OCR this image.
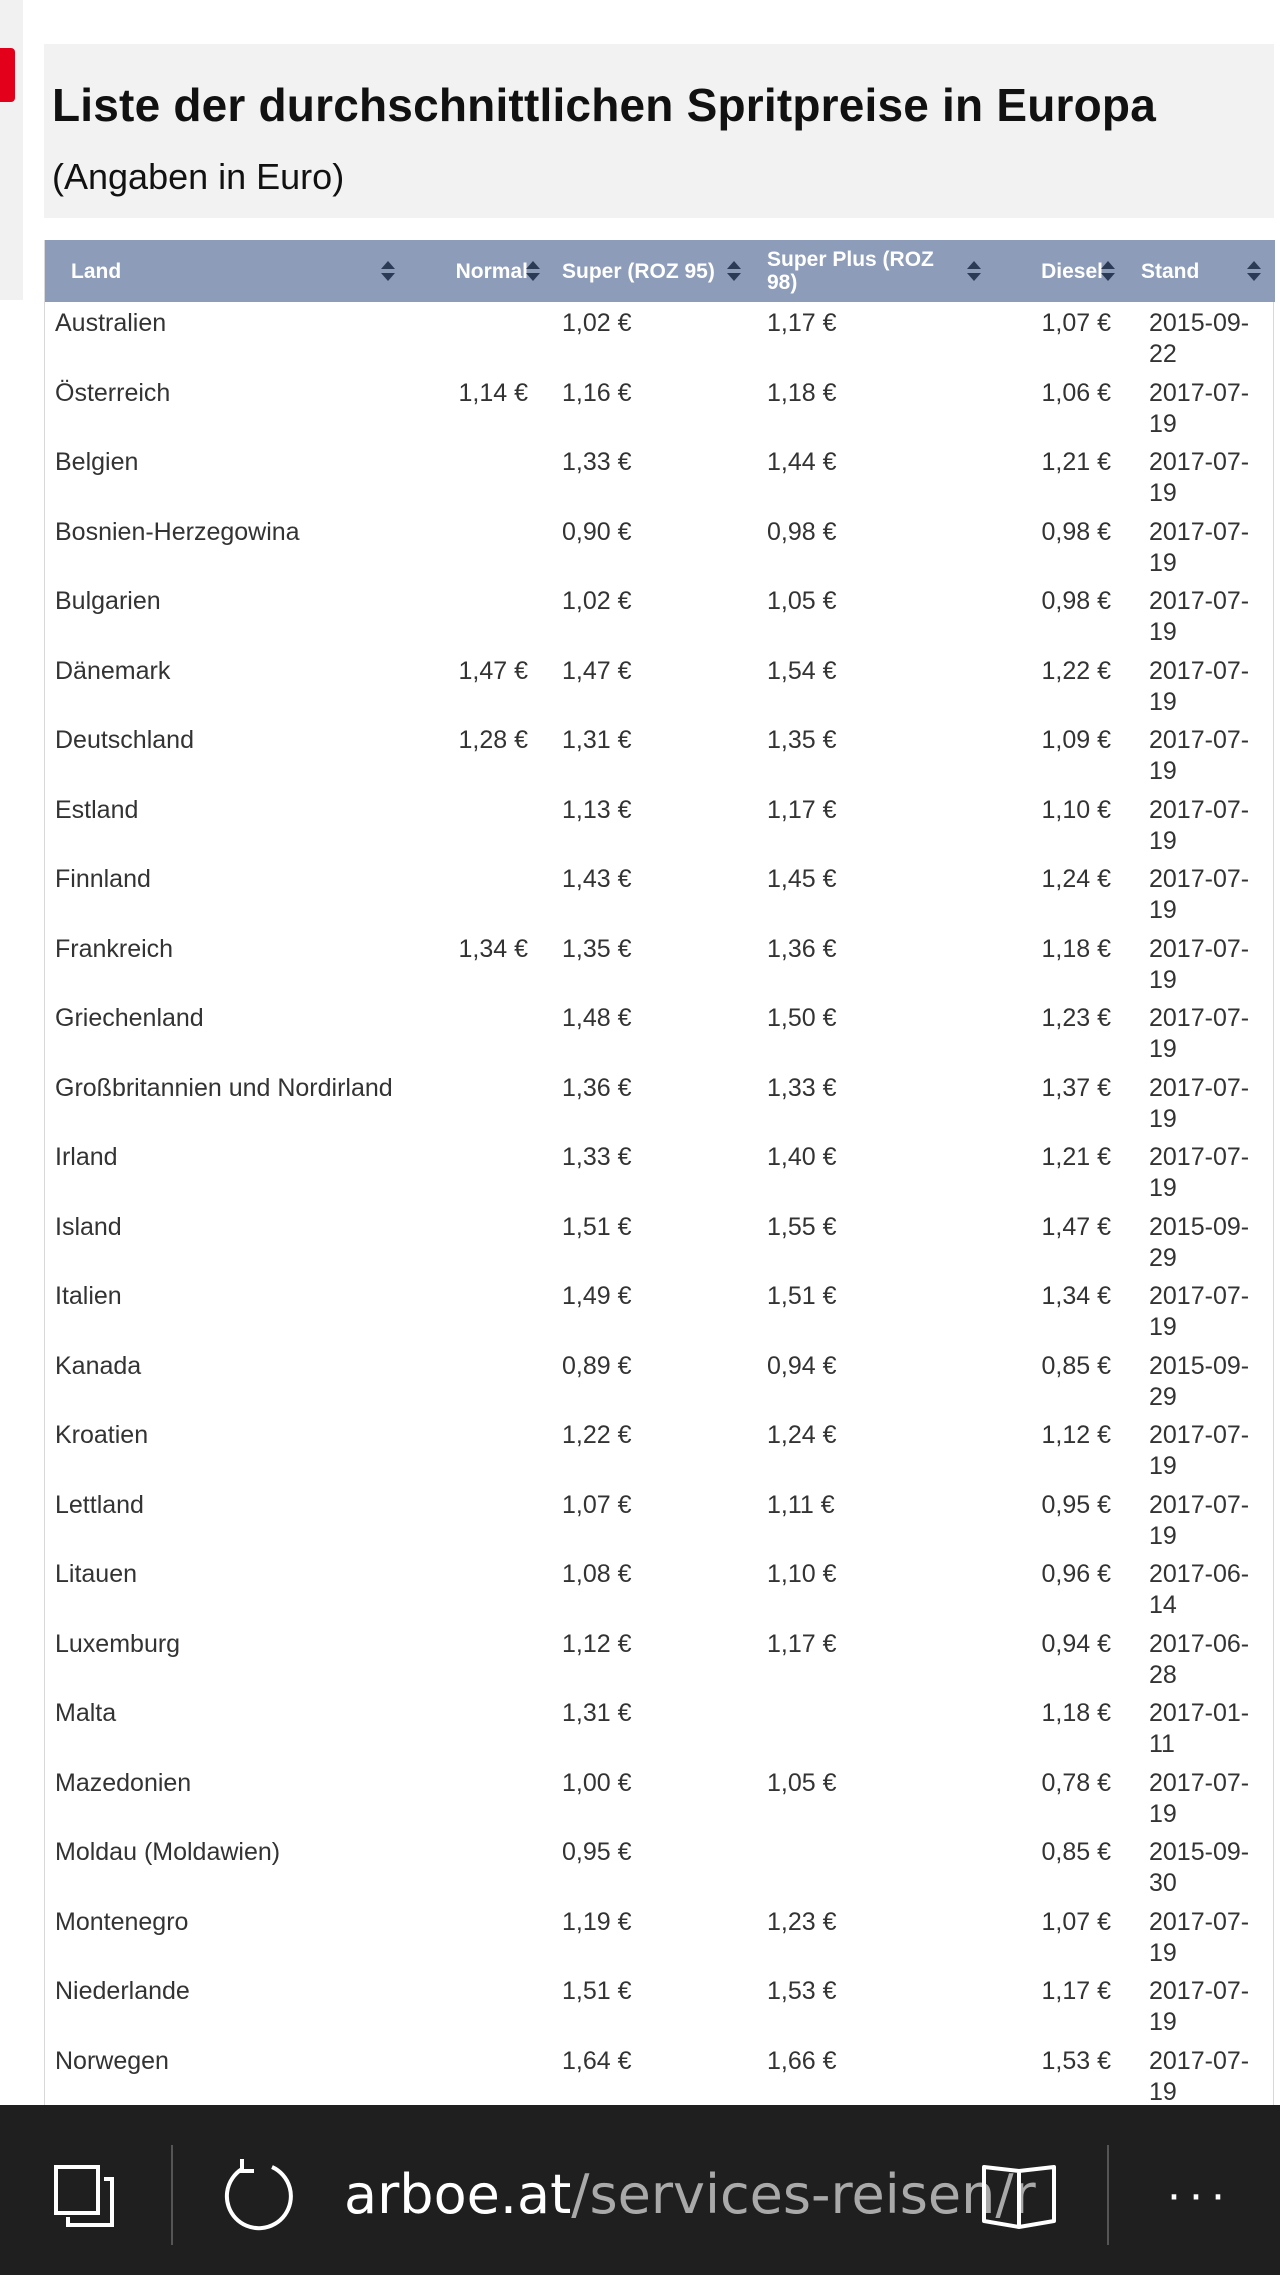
Liste der durchschnittlichen Spritpreise in Europa
(Angaben in Euro)
Land	Normal	Super (ROZ 95)	Super Plus (ROZ 98)	Diesel	Stand

Australien		1,02 €	1,17 €	1,07 €	2015-09-22
Österreich	1,14 €	1,16 €	1,18 €	1,06 €	2017-07-19
Belgien		1,33 €	1,44 €	1,21 €	2017-07-19
Bosnien-Herzegowina		0,90 €	0,98 €	0,98 €	2017-07-19
Bulgarien		1,02 €	1,05 €	0,98 €	2017-07-19
Dänemark	1,47 €	1,47 €	1,54 €	1,22 €	2017-07-19
Deutschland	1,28 €	1,31 €	1,35 €	1,09 €	2017-07-19
Estland		1,13 €	1,17 €	1,10 €	2017-07-19
Finnland		1,43 €	1,45 €	1,24 €	2017-07-19
Frankreich	1,34 €	1,35 €	1,36 €	1,18 €	2017-07-19
Griechenland		1,48 €	1,50 €	1,23 €	2017-07-19
Großbritannien und Nordirland		1,36 €	1,33 €	1,37 €	2017-07-19
Irland		1,33 €	1,40 €	1,21 €	2017-07-19
Island		1,51 €	1,55 €	1,47 €	2015-09-29
Italien		1,49 €	1,51 €	1,34 €	2017-07-19
Kanada		0,89 €	0,94 €	0,85 €	2015-09-29
Kroatien		1,22 €	1,24 €	1,12 €	2017-07-19
Lettland		1,07 €	1,11 €	0,95 €	2017-07-19
Litauen		1,08 €	1,10 €	0,96 €	2017-06-14
Luxemburg		1,12 €	1,17 €	0,94 €	2017-06-28
Malta		1,31 €		1,18 €	2017-01-11
Mazedonien		1,00 €	1,05 €	0,78 €	2017-07-19
Moldau (Moldawien)		0,95 €		0,85 €	2015-09-30
Montenegro		1,19 €	1,23 €	1,07 €	2017-07-19
Niederlande		1,51 €	1,53 €	1,17 €	2017-07-19
Norwegen		1,64 €	1,66 €	1,53 €	2017-07-19
arboe.at/services-reisen/r	···
